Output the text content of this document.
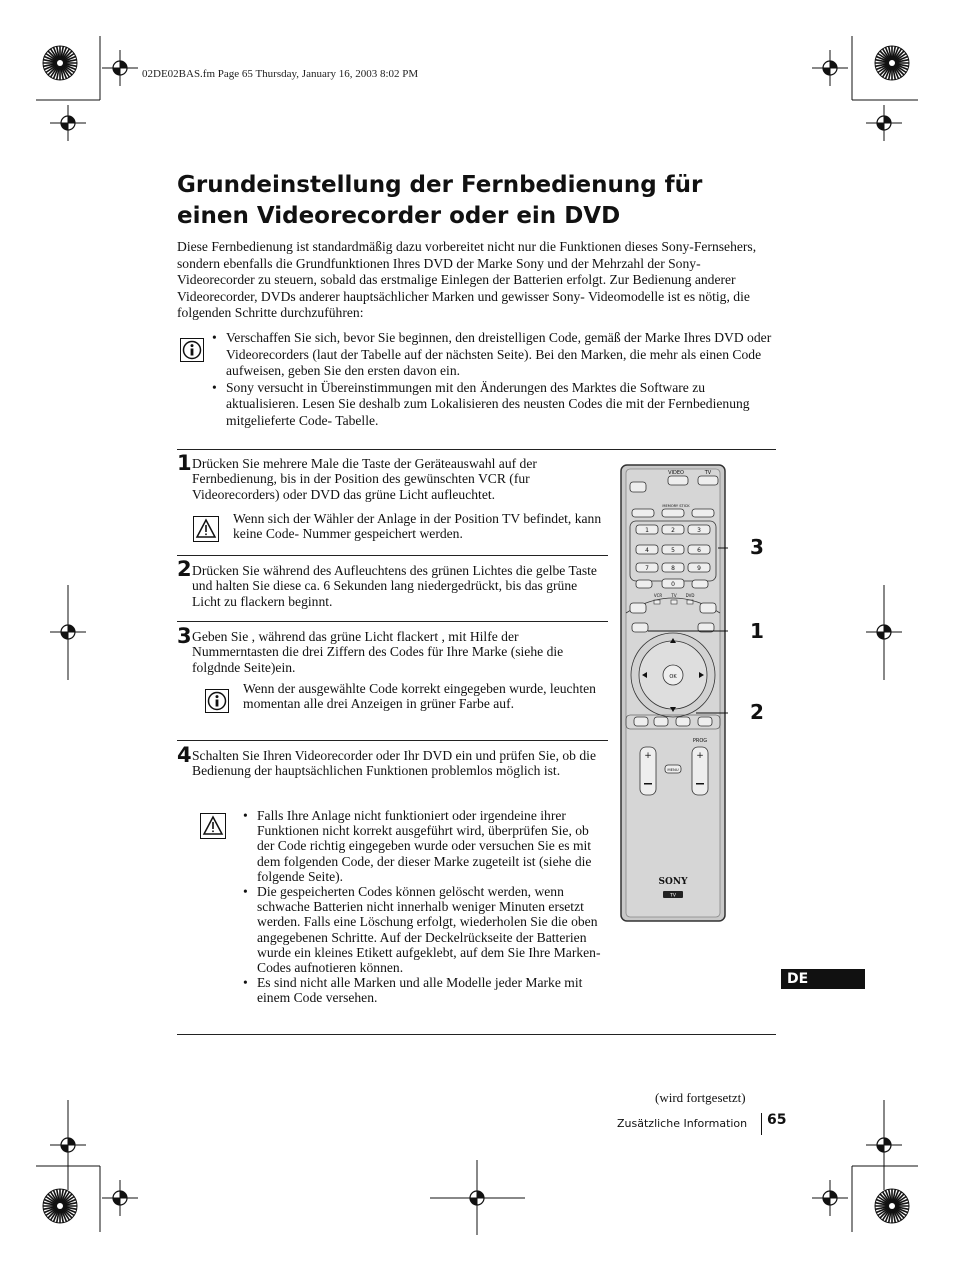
02DE02BAS.fm Page 65 Thursday, January 16, 2003 8:02 PM
Grundeinstellung der Fernbedienung für
einen Videorecorder oder ein DVD
Diese Fernbedienung ist standardmäßig dazu vorbereitet nicht nur die Funktionen dieses Sony-Fernsehers, sondern ebenfalls die Grundfunktionen Ihres DVD der Marke Sony und der Mehrzahl der Sony- Videorecorder zu steuern, sobald das erstmalige Einlegen der Batterien erfolgt. Zur Bedienung anderer Videorecorder, DVDs anderer hauptsächlicher Marken und gewisser Sony- Videomodelle ist es nötig, die folgenden Schritte durchzuführen:
• Verschaffen Sie sich, bevor Sie beginnen, den dreistelligen Code, gemäß der Marke Ihres DVD oder Videorecorders (laut der Tabelle auf der nächsten Seite). Bei den Marken, die mehr als einen Code aufweisen, geben Sie den ersten davon ein.
• Sony versucht in Übereinstimmungen mit den Änderungen des Marktes die Software zu aktualisieren. Lesen Sie deshalb zum Lokalisieren des neusten Codes die mit der Fernbedienung mitgelieferte Code- Tabelle.
1 Drücken Sie mehrere Male die Taste der Geräteauswahl auf der Fernbedienung, bis in der Position des gewünschten VCR (fur Videorecorders) oder DVD das grüne Licht aufleuchtet.
Wenn sich der Wähler der Anlage in der Position TV befindet, kann keine Code- Nummer gespeichert werden.
2 Drücken Sie während des Aufleuchtens des grünen Lichtes die gelbe Taste und halten Sie diese ca. 6 Sekunden lang niedergedrückt, bis das grüne Licht zu flackern beginnt.
3 Geben Sie , während das grüne Licht flackert , mit Hilfe der Nummerntasten die drei Ziffern des Codes für Ihre Marke (siehe die folgdnde Seite)ein.
Wenn der ausgewählte Code korrekt eingegeben wurde, leuchten momentan alle drei Anzeigen in grüner Farbe auf.
4 Schalten Sie Ihren Videorecorder oder Ihr DVD ein und prüfen Sie, ob die Bedienung der hauptsächlichen Funktionen problemlos möglich ist.
• Falls Ihre Anlage nicht funktioniert oder irgendeine ihrer Funktionen nicht korrekt ausgeführt wird, überprüfen Sie, ob der Code richtig eingegeben wurde oder versuchen Sie es mit dem folgenden Code, der dieser Marke zugeteilt ist (siehe die folgende Seite).
• Die gespeicherten Codes können gelöscht werden, wenn schwache Batterien nicht innerhalb weniger Minuten ersetzt werden. Falls eine Löschung erfolgt, wiederholen Sie die oben angegebenen Schritte. Auf der Deckelrückseite der Batterien wurde ein kleines Etikett aufgeklebt, auf dem Sie Ihre Marken- Codes aufnotieren können.
• Es sind nicht alle Marken und alle Modelle jeder Marke mit einem Code versehen.
VIDEO	TV
MEMORY STICK
1	2	3
4	5	6
7	8	9
0
VCR TV DVD
OK
PROG
+	+
MENU
SONY
TV
3
1
2
DE
(wird fortgesetzt)
Zusätzliche Information 65
